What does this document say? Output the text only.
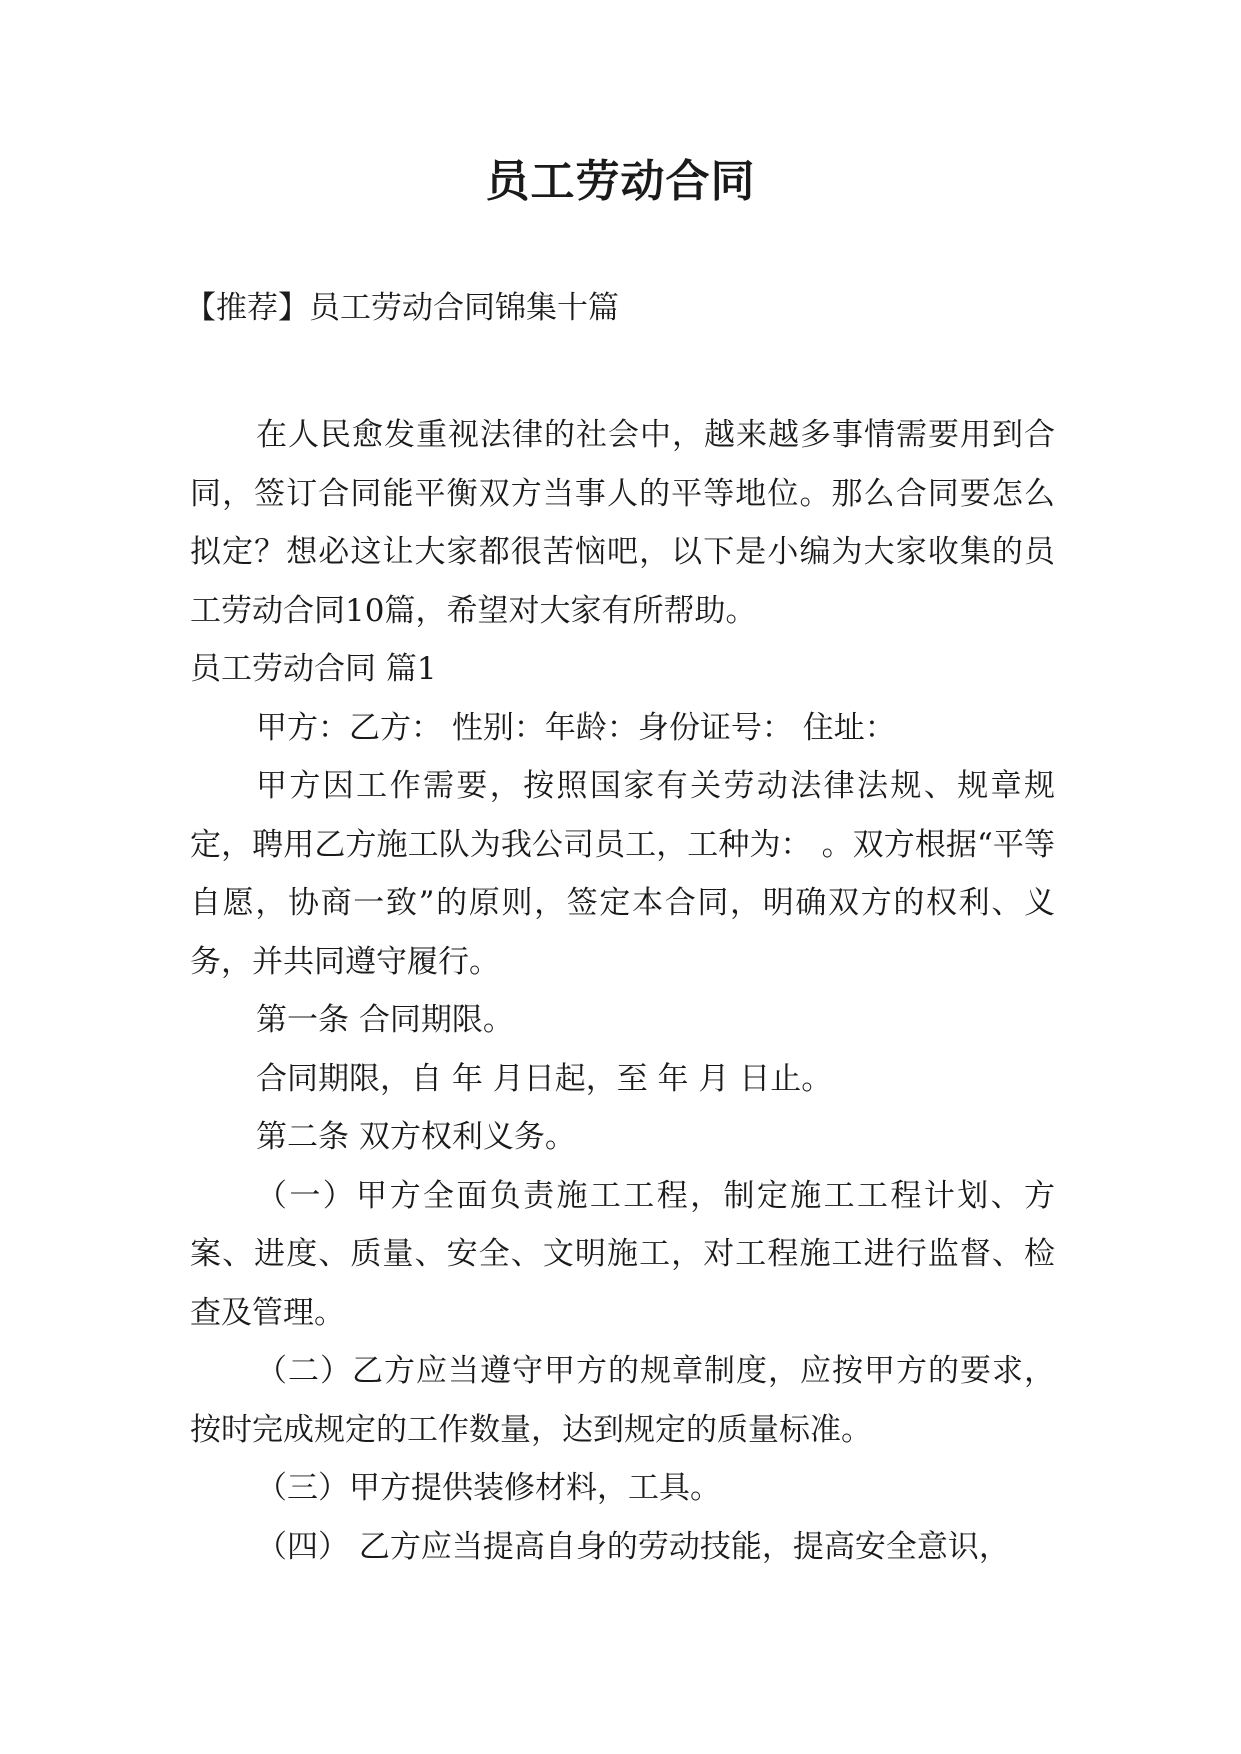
员工劳动合同
【推荐】员工劳动合同锦集十篇

在人民愈发重视法律的社会中，越来越多事情需要用到合同，签订合同能平衡双方当事人的平等地位。那么合同要怎么拟定？想必这让大家都很苦恼吧，以下是小编为大家收集的员工劳动合同10篇，希望对大家有所帮助。

员工劳动合同 篇1

甲方：乙方： 性别：年龄：身份证号： 住址：

甲方因工作需要，按照国家有关劳动法律法规、规章规定，聘用乙方施工队为我公司员工，工种为： 。双方根据“平等自愿，协商一致”的原则，签定本合同，明确双方的权利、义务，并共同遵守履行。

第一条 合同期限。

合同期限，自 年 月日起，至 年 月 日止。

第二条 双方权利义务。

（一）甲方全面负责施工工程，制定施工工程计划、方案、进度、质量、安全、文明施工，对工程施工进行监督、检查及管理。

（二）乙方应当遵守甲方的规章制度，应按甲方的要求，按时完成规定的工作数量，达到规定的质量标准。

（三）甲方提供装修材料，工具。

（四） 乙方应当提高自身的劳动技能，提高安全意识，
